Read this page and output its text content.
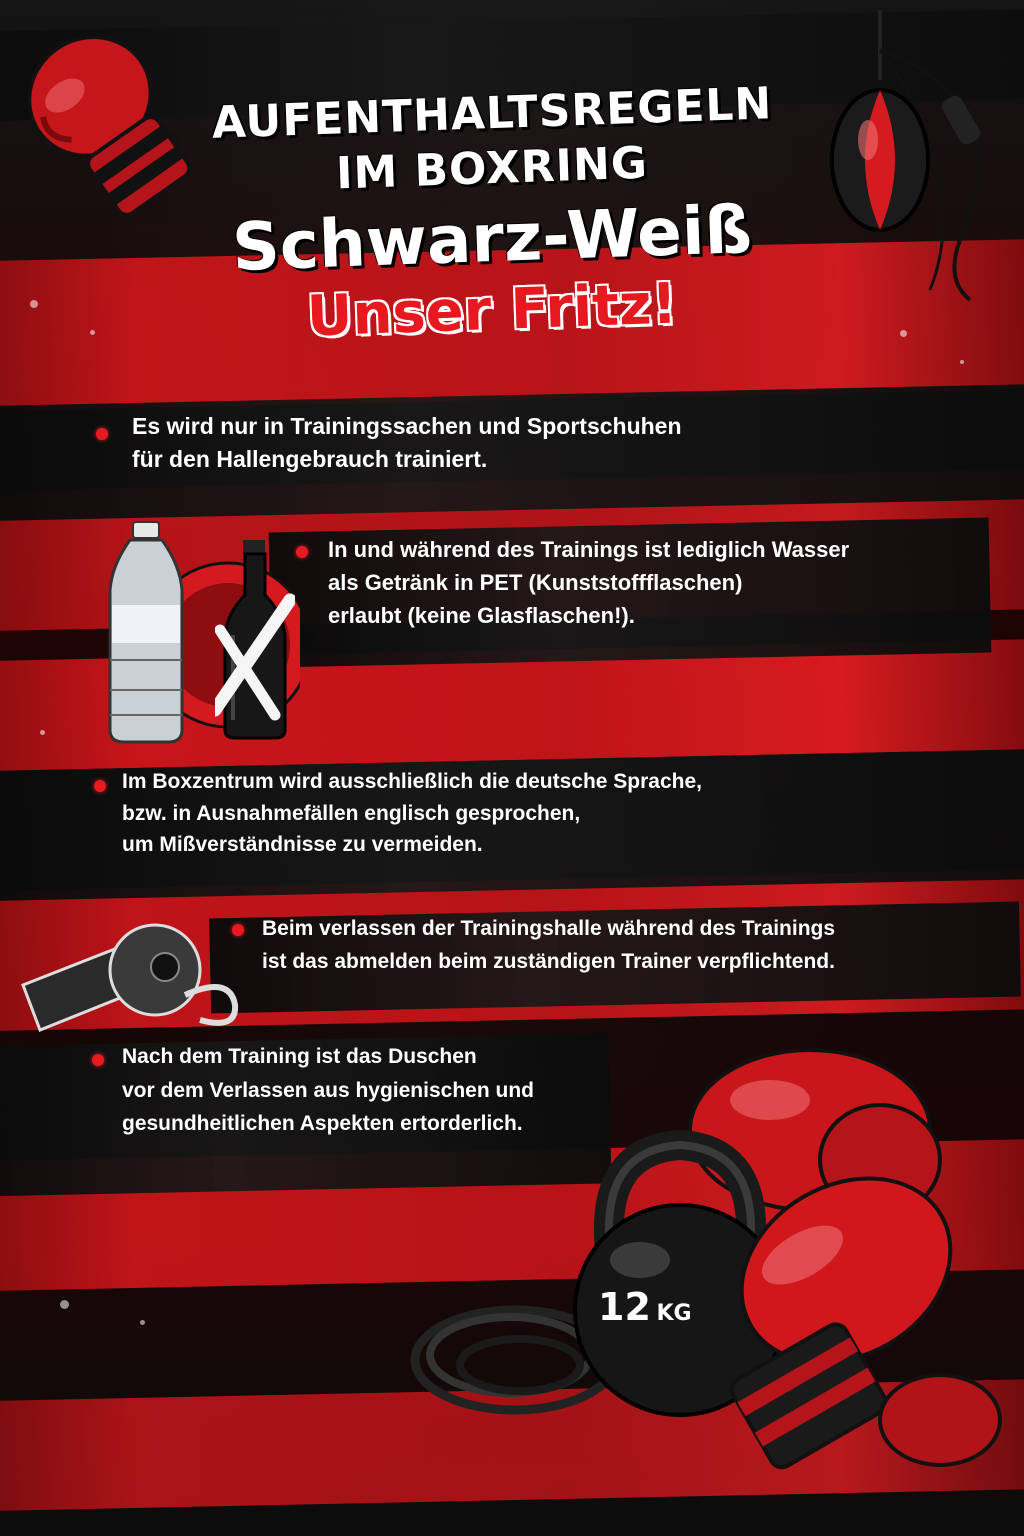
AUFENTHALTSREGELN
IM BOXRING
Schwarz-Weiß
Unser Fritz!
Es wird nur in Trainingssachen und Sportschuhen
für den Hallengebrauch trainiert.
In und während des Trainings ist lediglich Wasser
als Getränk in PET (Kunststoffflaschen)
erlaubt (keine Glasflaschen!).
Im Boxzentrum wird ausschließlich die deutsche Sprache,
bzw. in Ausnahmefällen englisch gesprochen,
um Mißverständnisse zu vermeiden.
Beim verlassen der Trainingshalle während des Trainings
ist das abmelden beim zuständigen Trainer verpflichtend.
Nach dem Training ist das Duschen
vor dem Verlassen aus hygienischen und
gesundheitlichen Aspekten ertorderlich.
12 KG
